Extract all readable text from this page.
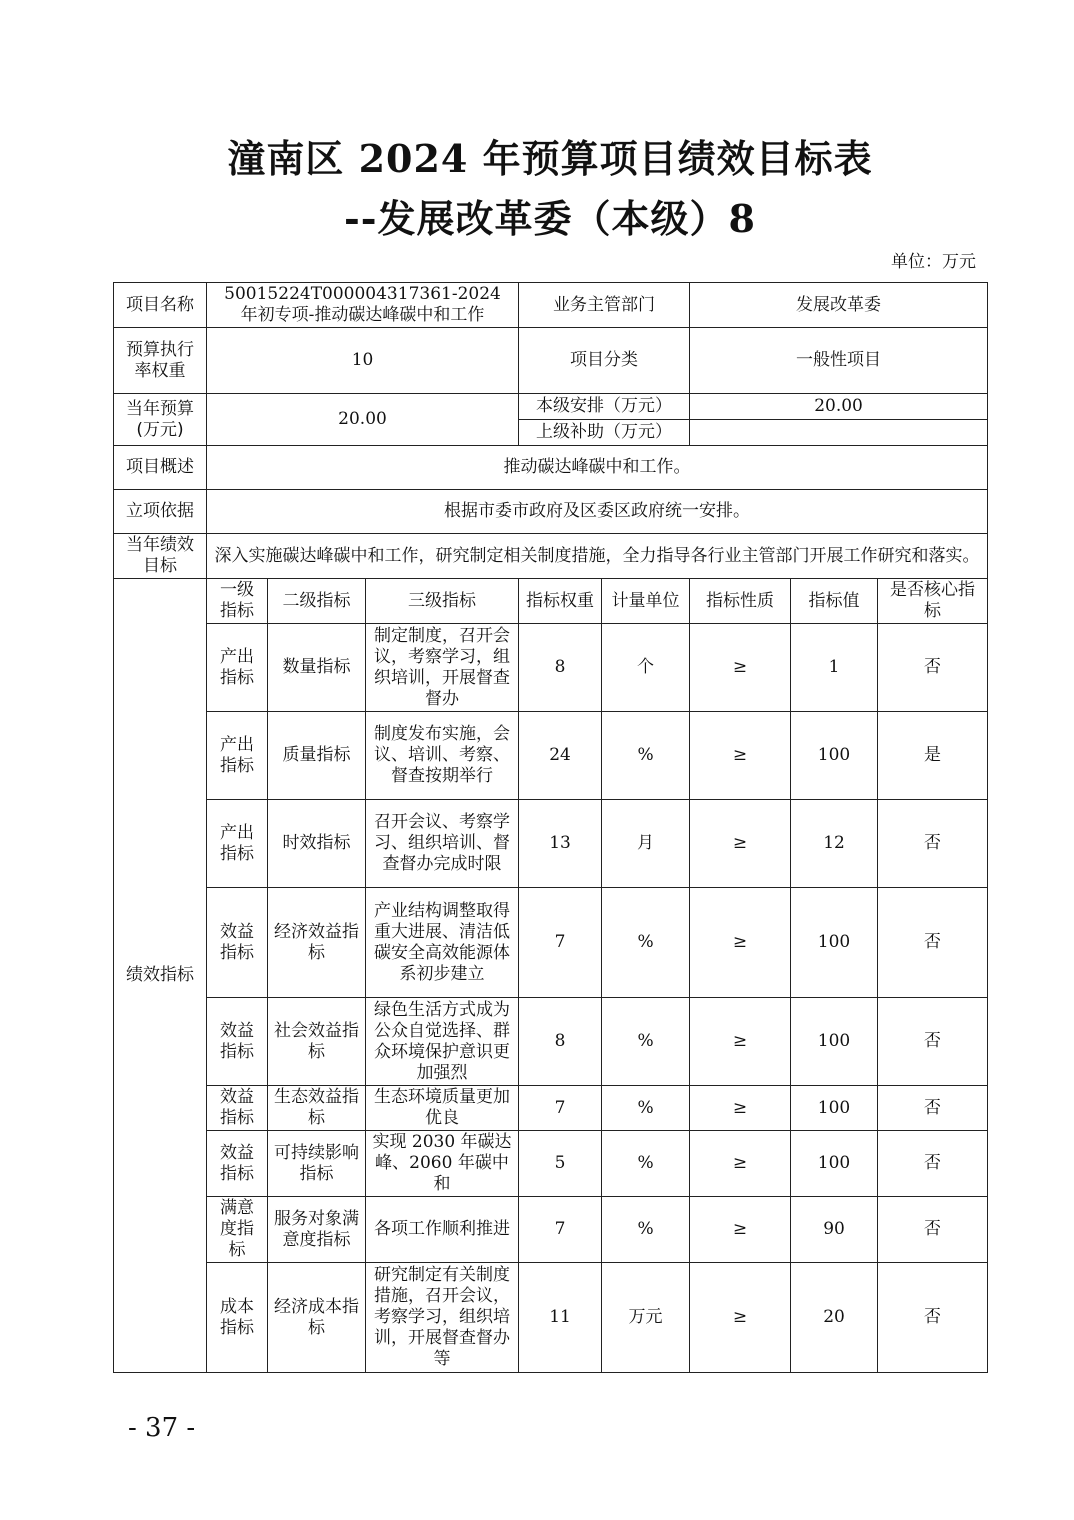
潼南区 2024 年预算项目绩效目标表
--发展改革委（本级）8
单位：万元
项目名称	50015224T000004317361-2024 年初专项-推动碳达峰碳中和工作			业务主管部门		发展改革委		
预算执行率权重	10			项目分类		一般性项目		
当年预算(万元)	20.00			本级安排（万元）		20.00		
				上级补助（万元）				
项目概述	推动碳达峰碳中和工作。							
立项依据	根据市委市政府及区委区政府统一安排。							
当年绩效目标	深入实施碳达峰碳中和工作，研究制定相关制度措施，全力指导各行业主管部门开展工作研究和落实。							
绩效指标	一级指标	二级指标	三级指标	指标权重	计量单位	指标性质	指标值	是否核心指标
	产出指标	数量指标	制定制度，召开会议，考察学习，组织培训，开展督查督办	8	个	≥	1	否
	产出指标	质量指标	制度发布实施，会议、培训、考察、督查按期举行	24	%	≥	100	是
	产出指标	时效指标	召开会议、考察学习、组织培训、督查督办完成时限	13	月	≥	12	否
	效益指标	经济效益指标	产业结构调整取得重大进展、清洁低碳安全高效能源体系初步建立	7	%	≥	100	否
	效益指标	社会效益指标	绿色生活方式成为公众自觉选择、群众环境保护意识更加强烈	8	%	≥	100	否
	效益指标	生态效益指标	生态环境质量更加优良	7	%	≥	100	否
	效益指标	可持续影响指标	实现 2030 年碳达峰、2060 年碳中和	5	%	≥	100	否
	满意度指标	服务对象满意度指标	各项工作顺利推进	7	%	≥	90	否
	成本指标	经济成本指标	研究制定有关制度措施，召开会议，考察学习，组织培训，开展督查督办等	11	万元	≥	20	否
- 37 -
